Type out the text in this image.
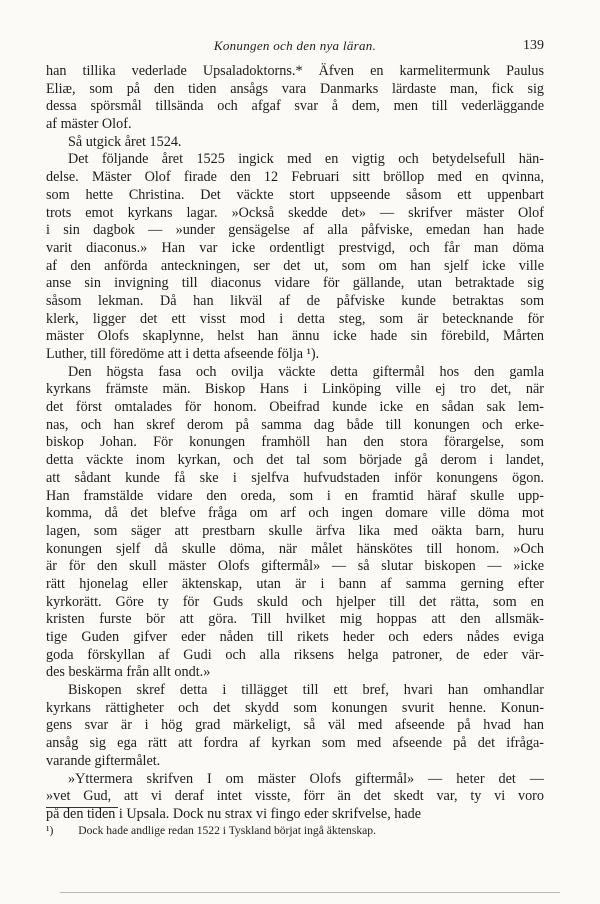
Konungen och den nya läran.	139
han tillika vederlade Upsaladoktorns.* Äfven en karmelitermunk Paulus
Eliæ, som på den tiden ansågs vara Danmarks lärdaste man, fick sig
dessa spörsmål tillsända och afgaf svar å dem, men till vederläggande
af mäster Olof.
Så utgick året 1524.
Det följande året 1525 ingick med en vigtig och betydelsefull hän-
delse. Mäster Olof firade den 12 Februari sitt bröllop med en qvinna,
som hette Christina. Det väckte stort uppseende såsom ett uppenbart
trots emot kyrkans lagar. »Också skedde det» — skrifver mäster Olof
i sin dagbok — »under gensägelse af alla påfviske, emedan han hade
varit diaconus.» Han var icke ordentligt prestvigd, och får man döma
af den anförda anteckningen, ser det ut, som om han sjelf icke ville
anse sin invigning till diaconus vidare för gällande, utan betraktade sig
såsom lekman. Då han likväl af de påfviske kunde betraktas som
klerk, ligger det ett visst mod i detta steg, som är betecknande för
mäster Olofs skaplynne, helst han ännu icke hade sin förebild, Mårten
Luther, till föredöme att i detta afseende följa ¹).
Den högsta fasa och ovilja väckte detta giftermål hos den gamla
kyrkans främste män. Biskop Hans i Linköping ville ej tro det, när
det först omtalades för honom. Obeifrad kunde icke en sådan sak lem-
nas, och han skref derom på samma dag både till konungen och erke-
biskop Johan. För konungen framhöll han den stora förargelse, som
detta väckte inom kyrkan, och det tal som började gå derom i landet,
att sådant kunde få ske i sjelfva hufvudstaden inför konungens ögon.
Han framstälde vidare den oreda, som i en framtid häraf skulle upp-
komma, då det blefve fråga om arf och ingen domare ville döma mot
lagen, som säger att prestbarn skulle ärfva lika med oäkta barn, huru
konungen sjelf då skulle döma, när målet hänskötes till honom. »Och
är för den skull mäster Olofs giftermål» — så slutar biskopen — »icke
rätt hjonelag eller äktenskap, utan är i bann af samma gerning efter
kyrkorätt. Göre ty för Guds skuld och hjelper till det rätta, som en
kristen furste bör att göra. Till hvilket mig hoppas att den allsmäk-
tige Guden gifver eder nåden till rikets heder och eders nådes eviga
goda förskyllan af Gudi och alla riksens helga patroner, de eder vär-
des beskärma från allt ondt.»
Biskopen skref detta i tillägget till ett bref, hvari han omhandlar
kyrkans rättigheter och det skydd som konungen svurit henne. Konun-
gens svar är i hög grad märkeligt, så väl med afseende på hvad han
ansåg sig ega rätt att fordra af kyrkan som med afseende på det ifråga-
varande giftermålet.
»Yttermera skrifven I om mäster Olofs giftermål» — heter det —
»vet Gud, att vi deraf intet visste, förr än det skedt var, ty vi voro
på den tiden i Upsala. Dock nu strax vi fingo eder skrifvelse, hade
¹) Dock hade andlige redan 1522 i Tyskland börjat ingå äktenskap.
